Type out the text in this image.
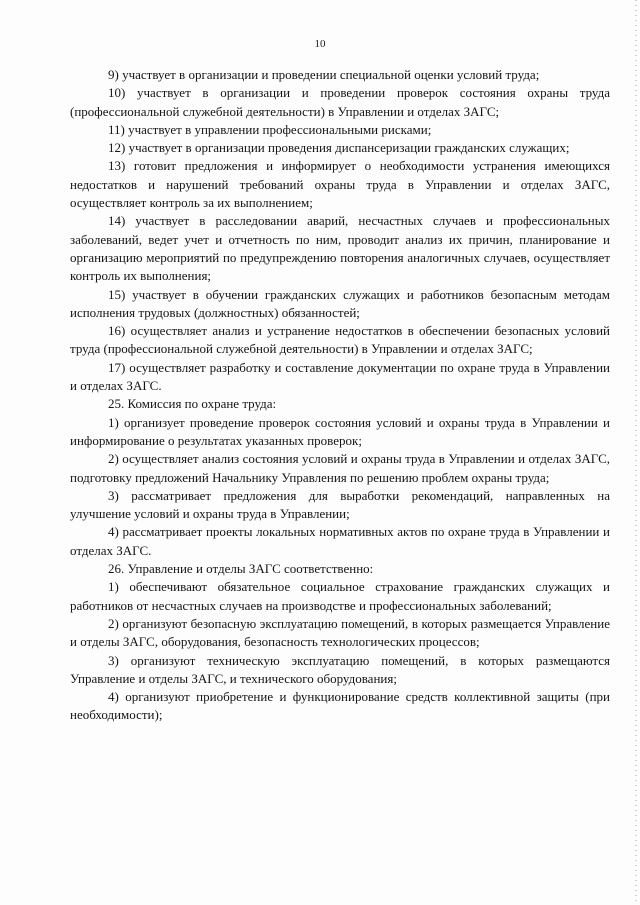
10

9) участвует в организации и проведении специальной оценки условий труда;

10) участвует в организации и проведении проверок состояния охраны труда (профессиональной служебной деятельности) в Управлении и отделах ЗАГС;

11) участвует в управлении профессиональными рисками;

12) участвует в организации проведения диспансеризации гражданских служащих;

13) готовит предложения и информирует о необходимости устранения имеющихся недостатков и нарушений требований охраны труда в Управлении и отделах ЗАГС, осуществляет контроль за их выполнением;

14) участвует в расследовании аварий, несчастных случаев и профессиональных заболеваний, ведет учет и отчетность по ним, проводит анализ их причин, планирование и организацию мероприятий по предупреждению повторения аналогичных случаев, осуществляет контроль их выполнения;

15) участвует в обучении гражданских служащих и работников безопасным методам исполнения трудовых (должностных) обязанностей;

16) осуществляет анализ и устранение недостатков в обеспечении безопасных условий труда (профессиональной служебной деятельности) в Управлении и отделах ЗАГС;

17) осуществляет разработку и составление документации по охране труда в Управлении и отделах ЗАГС.

25. Комиссия по охране труда:

1) организует проведение проверок состояния условий и охраны труда в Управлении и информирование о результатах указанных проверок;

2) осуществляет анализ состояния условий и охраны труда в Управлении и отделах ЗАГС, подготовку предложений Начальнику Управления по решению проблем охраны труда;

3) рассматривает предложения для выработки рекомендаций, направленных на улучшение условий и охраны труда в Управлении;

4) рассматривает проекты локальных нормативных актов по охране труда в Управлении и отделах ЗАГС.

26. Управление и отделы ЗАГС соответственно:

1) обеспечивают обязательное социальное страхование гражданских служащих и работников от несчастных случаев на производстве и профессиональных заболеваний;

2) организуют безопасную эксплуатацию помещений, в которых размещается Управление и отделы ЗАГС, оборудования, безопасность технологических процессов;

3) организуют техническую эксплуатацию помещений, в которых размещаются Управление и отделы ЗАГС, и технического оборудования;

4) организуют приобретение и функционирование средств коллективной защиты (при необходимости);
